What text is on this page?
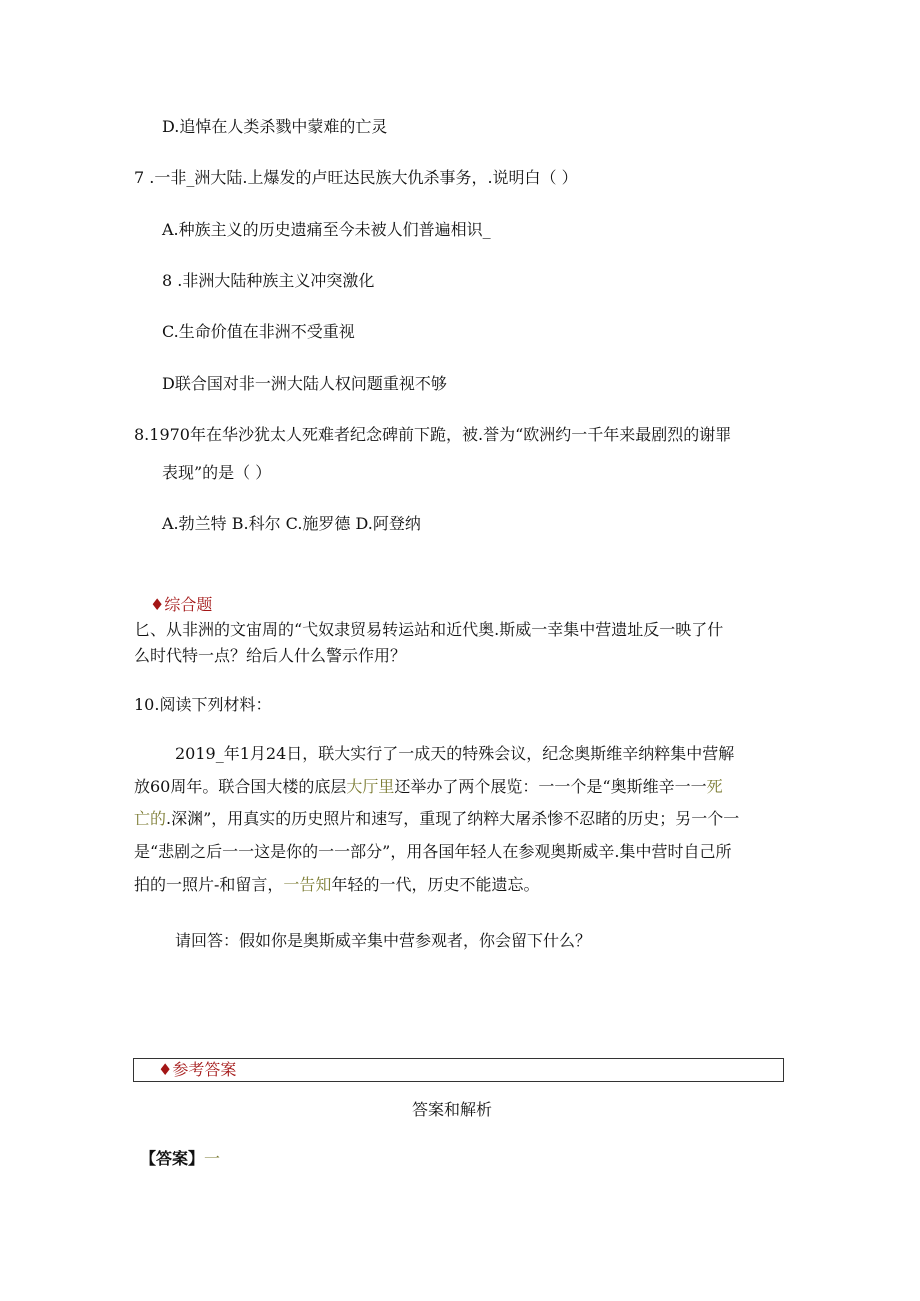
D.追悼在人类杀戮中蒙难的亡灵
7 .一非_洲大陆.上爆发的卢旺达民族大仇杀事务，.说明白（ ）
A.种族主义的历史遗痛至今未被人们普遍相识_
8 .非洲大陆种族主义冲突激化
C.生命价值在非洲不受重视
D联合国对非一洲大陆人权问题重视不够
8.1970年在华沙犹太人死难者纪念碑前下跪，被.誉为“欧洲约一千年来最剧烈的谢罪
表现”的是（ ）
A.勃兰特 B.科尔 C.施罗德 D.阿登纳
♦综合题
匕、从非洲的文宙周的“弋奴隶贸易转运站和近代奥.斯威一幸集中营遗址反一映了什
么时代特一点？给后人什么警示作用？
10.阅读下列材料：
2019_年1月24日，联大实行了一成天的特殊会议，纪念奥斯维辛纳粹集中营解
放60周年。联合国大楼的底层大厅里还举办了两个展览：一一个是“奥斯维辛一一死
亡的.深渊”，用真实的历史照片和速写，重现了纳粹大屠杀惨不忍睹的历史；另一个一
是“悲剧之后一一这是你的一一部分”，用各国年轻人在参观奥斯威辛.集中营时自己所
拍的一照片-和留言，一告知年轻的一代，历史不能遗忘。
请回答：假如你是奥斯威辛集中营参观者，你会留下什么？
♦参考答案
答案和解析
【答案】一
